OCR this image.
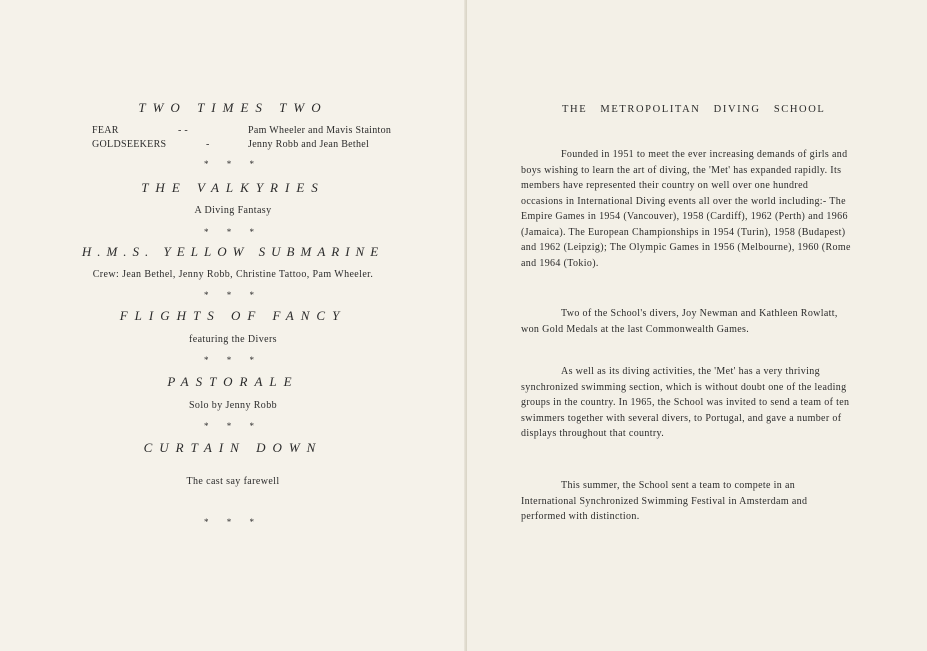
TWO TIMES TWO
FEAR	- -	Pam Wheeler and Mavis Stainton
GOLDSEEKERS	-	Jenny Robb and Jean Bethel
* * *
THE VALKYRIES
A Diving Fantasy
* * *
H.M.S. YELLOW SUBMARINE
Crew: Jean Bethel, Jenny Robb, Christine Tattoo, Pam Wheeler.
* * *
FLIGHTS OF FANCY
featuring the Divers
* * *
PASTORALE
Solo by Jenny Robb
* * *
CURTAIN DOWN
The cast say farewell
* * *
THE METROPOLITAN DIVING SCHOOL

Founded in 1951 to meet the ever increasing demands of girls and boys wishing to learn the art of diving, the 'Met' has expanded rapidly. Its members have represented their country on well over one hundred occasions in International Diving events all over the world including:- The Empire Games in 1954 (Vancouver), 1958 (Cardiff), 1962 (Perth) and 1966 (Jamaica). The European Championships in 1954 (Turin), 1958 (Budapest) and 1962 (Leipzig); The Olympic Games in 1956 (Melbourne), 1960 (Rome and 1964 (Tokio).

Two of the School's divers, Joy Newman and Kathleen Rowlatt, won Gold Medals at the last Commonwealth Games.

As well as its diving activities, the 'Met' has a very thriving synchronized swimming section, which is without doubt one of the leading groups in the country. In 1965, the School was invited to send a team of ten swimmers together with several divers, to Portugal, and gave a number of displays throughout that country.

This summer, the School sent a team to compete in an International Synchronized Swimming Festival in Amsterdam and performed with distinction.
